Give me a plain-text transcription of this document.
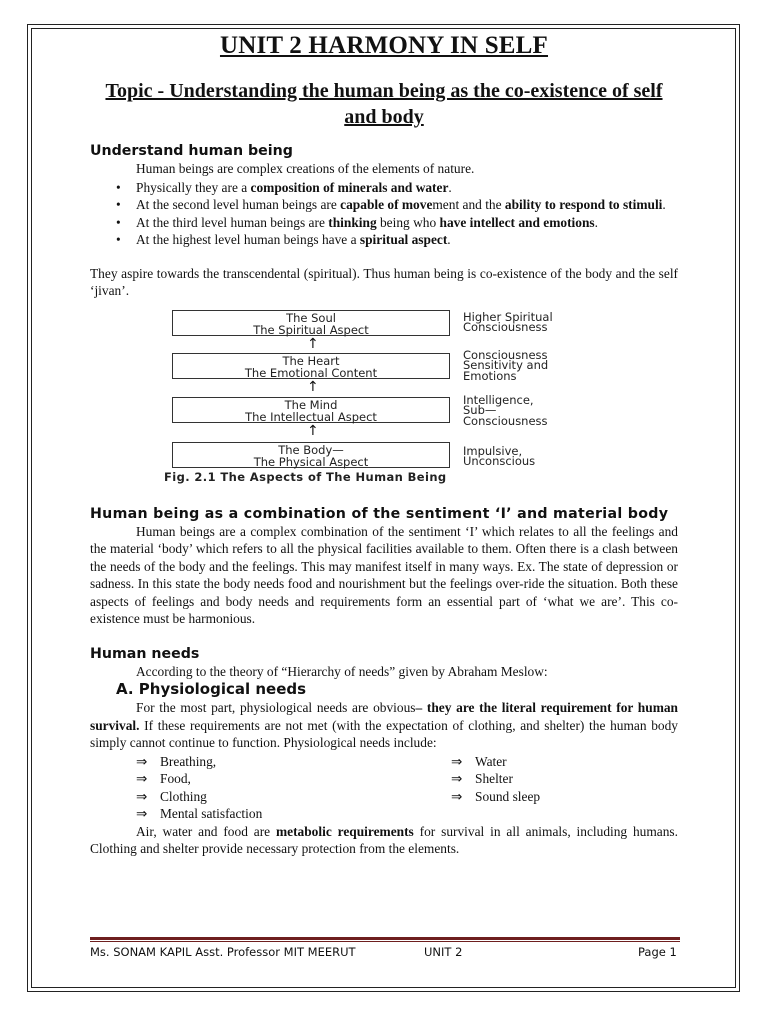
UNIT 2 HARMONY IN SELF
Topic - Understanding the human being as the co-existence of self and body
Understand human being

Human beings are complex creations of the elements of nature.

• Physically they are a composition of minerals and water.
• At the second level human beings are capable of movement and the ability to respond to stimuli.
• At the third level human beings are thinking being who have intellect and emotions.
• At the highest level human beings have a spiritual aspect.

They aspire towards the transcendental (spiritual). Thus human being is co-existence of the body and the self ‘jivan’.

The Soul
The Spiritual Aspect
Higher Spiritual
Consciousness
↑
The Heart
The Emotional Content
Consciousness
Sensitivity and
Emotions
↑
The Mind
The Intellectual Aspect
Intelligence,
Sub—
Consciousness
↑
The Body—
The Physical Aspect
Impulsive,
Unconscious
Fig. 2.1 The Aspects of The Human Being
Human being as a combination of the sentiment ‘I’ and material body

Human beings are a complex combination of the sentiment ‘I’ which relates to all the feelings and the material ‘body’ which refers to all the physical facilities available to them. Often there is a clash between the needs of the body and the feelings. This may manifest itself in many ways. Ex. The state of depression or sadness. In this state the body needs food and nourishment but the feelings over-ride the situation. Both these aspects of feelings and body needs and requirements form an essential part of ‘what we are’. This co-existence must be harmonious.

Human needs

According to the theory of “Hierarchy of needs” given by Abraham Meslow:

A. Physiological needs

For the most part, physiological needs are obvious– they are the literal requirement for human survival. If these requirements are not met (with the expectation of clothing, and shelter) the human body simply cannot continue to function. Physiological needs include:

⇒ Breathing,	⇒ Water
⇒ Food,	⇒ Shelter
⇒ Clothing	⇒ Sound sleep
⇒ Mental satisfaction

Air, water and food are metabolic requirements for survival in all animals, including humans. Clothing and shelter provide necessary protection from the elements.

Ms. SONAM KAPIL Asst. Professor MIT MEERUT	UNIT 2	Page 1
